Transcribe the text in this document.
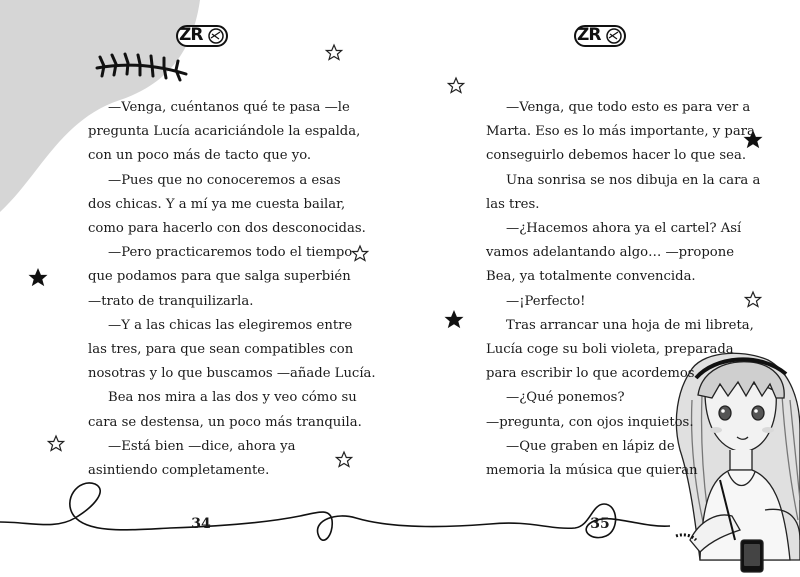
ZR	ZR
—Venga, cuéntanos qué te pasa —le
pregunta Lucía acariciándole la espalda,
con un poco más de tacto que yo.
—Pues que no conoceremos a esas
dos chicas. Y a mí ya me cuesta bailar,
como para hacerlo con dos desconocidas.
—Pero practicaremos todo el tiempo
que podamos para que salga superbién
—trato de tranquilizarla.
—Y a las chicas las elegiremos entre
las tres, para que sean compatibles con
nosotras y lo que buscamos —añade Lucía.
Bea nos mira a las dos y veo cómo su
cara se destensa, un poco más tranquila.
—Está bien —dice, ahora ya
asintiendo completamente.
34
—Venga, que todo esto es para ver a
Marta. Eso es lo más importante, y para
conseguirlo debemos hacer lo que sea.
Una sonrisa se nos dibuja en la cara a
las tres.
—¿Hacemos ahora ya el cartel? Así
vamos adelantando algo… —propone
Bea, ya totalmente convencida.
—¡Perfecto!
Tras arrancar una hoja de mi libreta,
Lucía coge su boli violeta, preparada
para escribir lo que acordemos.
—¿Qué ponemos?
—pregunta, con ojos inquietos.
—Que graben en lápiz de
memoria la música que quieran
35
